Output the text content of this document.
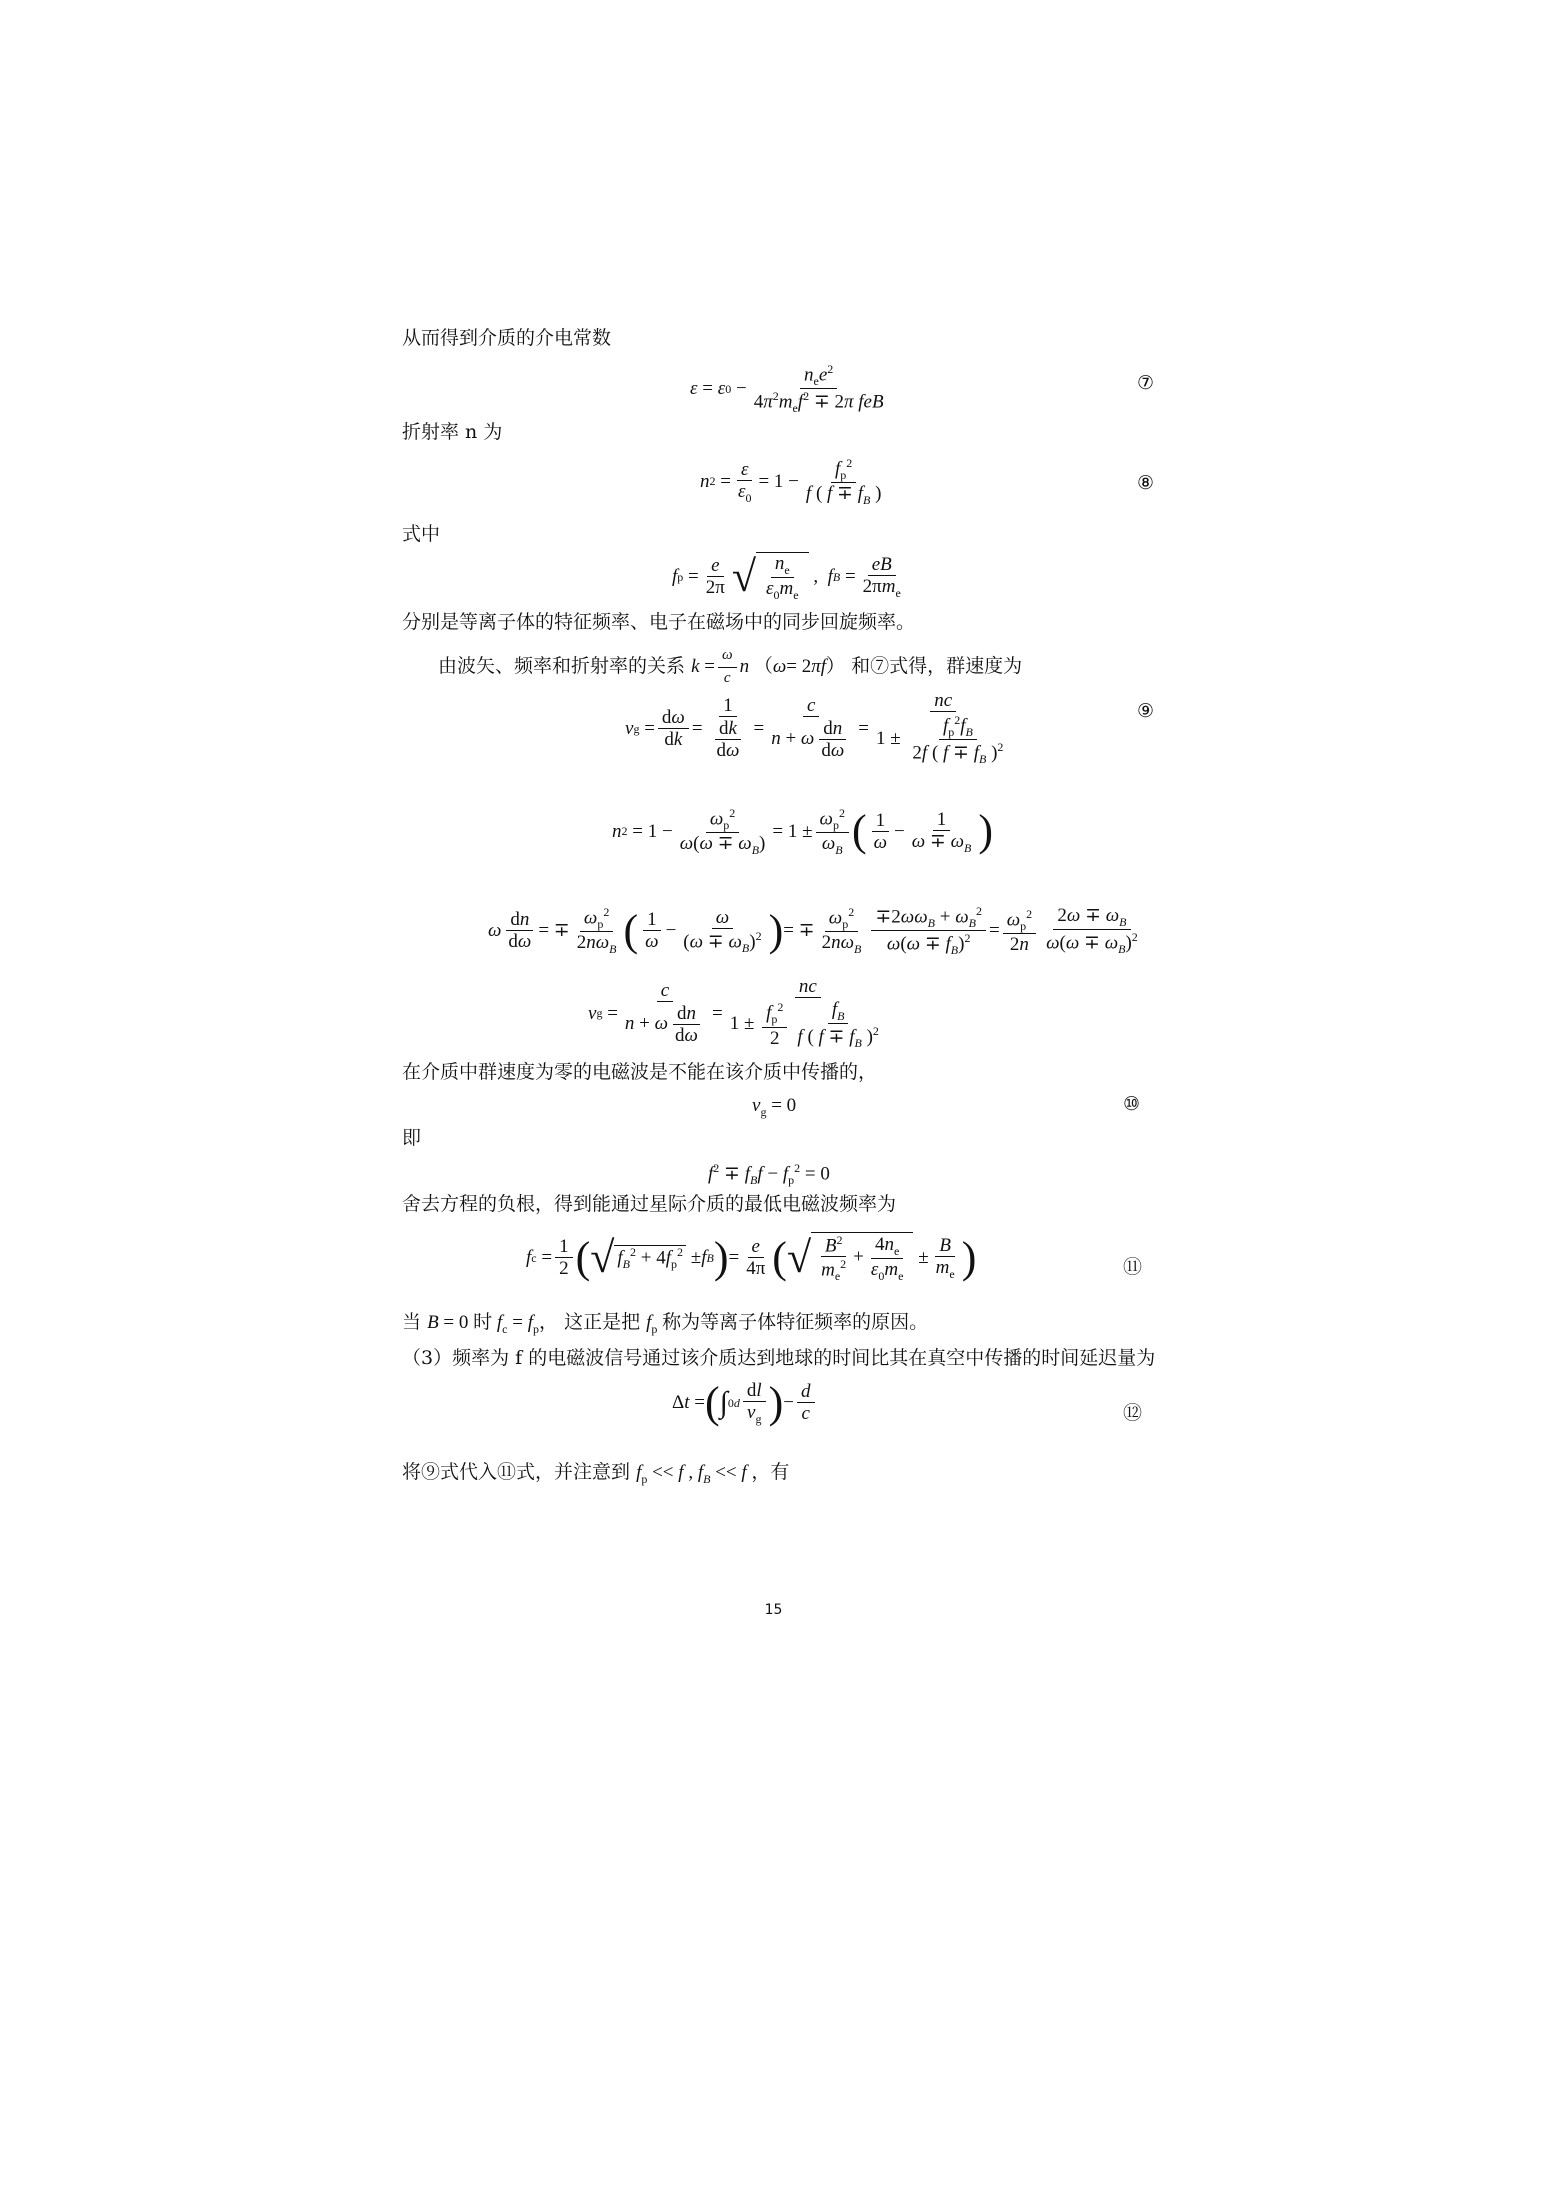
从而得到介质的介电常数
ε = ε $0 - \frac{n_ee^2}{4\pi^2m_ef^2 \mp 2\pi feB}$	⑦
折射率 n 为
n $2 = \frac{\varepsilon}{\varepsilon_0} = 1 - \frac{f_p^2}{f ( f \mp f_B )}$	⑧
式中
f $p = \frac{e}{2\pi}$ √ $\frac{n_e}{\varepsilon_0m_e}$ , f $B = \frac{eB}{2\pi m_e}$
分别是等离子体的特征频率、电子在磁场中的同步回旋频率。
由波矢、频率和折射率的关系 $k = \frac{\omega}{c}$ n （ ω = 2 πf ） 和⑦式得，群速度为
v $g = \frac{d\omega}{dk} = \frac{1}{\frac{dk}{d\omega}} = \frac{c}{n + \omega \frac{dn}{d\omega}} = \frac{nc}{1 \pm \frac{f_p^2f_B}{2f ( f \mp f_B )^2}}$	⑨
n $2 = 1 - \frac{\omega_p^2}{\omega(\omega \mp \omega_B)} = 1 \pm \frac{\omega_p^2}{\omega_B}$ ( $\frac{1}{\omega} - \frac{1}{\omega \mp \omega_B}$ )
ω $\frac{dn}{d\omega}$ = ∓ $\frac{\omega_p^2}{2n\omega_B}$ ( $\frac{1}{\omega} - \frac{\omega}{(\omega \mp \omega_B)^2}$ ) = ∓ $\frac{\omega_p^2}{2n\omega_B} \frac{\mp 2\omega\omega_B + \omega_B^2}{\omega(\omega \mp f_B)^2} = \frac{\omega_p^2}{2n} \frac{2\omega \mp \omega_B}{\omega(\omega \mp \omega_B)^2}$
v $g = \frac{c}{n + \omega \frac{dn}{d\omega}} = \frac{nc}{1 \pm \frac{f_p^2}{2} \frac{f_B}{f ( f \mp f_B )^2}}$
在介质中群速度为零的电磁波是不能在该介质中传播的，
$v_g = 0$	⑩
即
$f^2 \mp f_Bf - f_p^2 = 0$
舍去方程的负根，得到能通过星际介质的最低电磁波频率为
f $c = \frac{1}{2}$ ( √ $f_B^2 + 4f_p^2 \pm f$ B ) = $\frac{e}{4\pi}$ ( √ $\frac{B^2}{m_e^2} + \frac{4n_e}{\varepsilon_0m_e} \pm \frac{B}{m_e}$ )	⑪
当 B = 0 时 $f_c = f_p$， 这正是把 $f_p$ 称为等离子体特征频率的原因。
（3）频率为 f 的电磁波信号通过该介质达到地球的时间比其在真空中传播的时间延迟量为
Δ t = ( ∫ 0 d $\frac{dl}{v_g}$ ) − $\frac{d}{c}$	⑫
将⑨式代入⑪式，并注意到 $f_p << f$ , $f_B << f$ ，有
15
